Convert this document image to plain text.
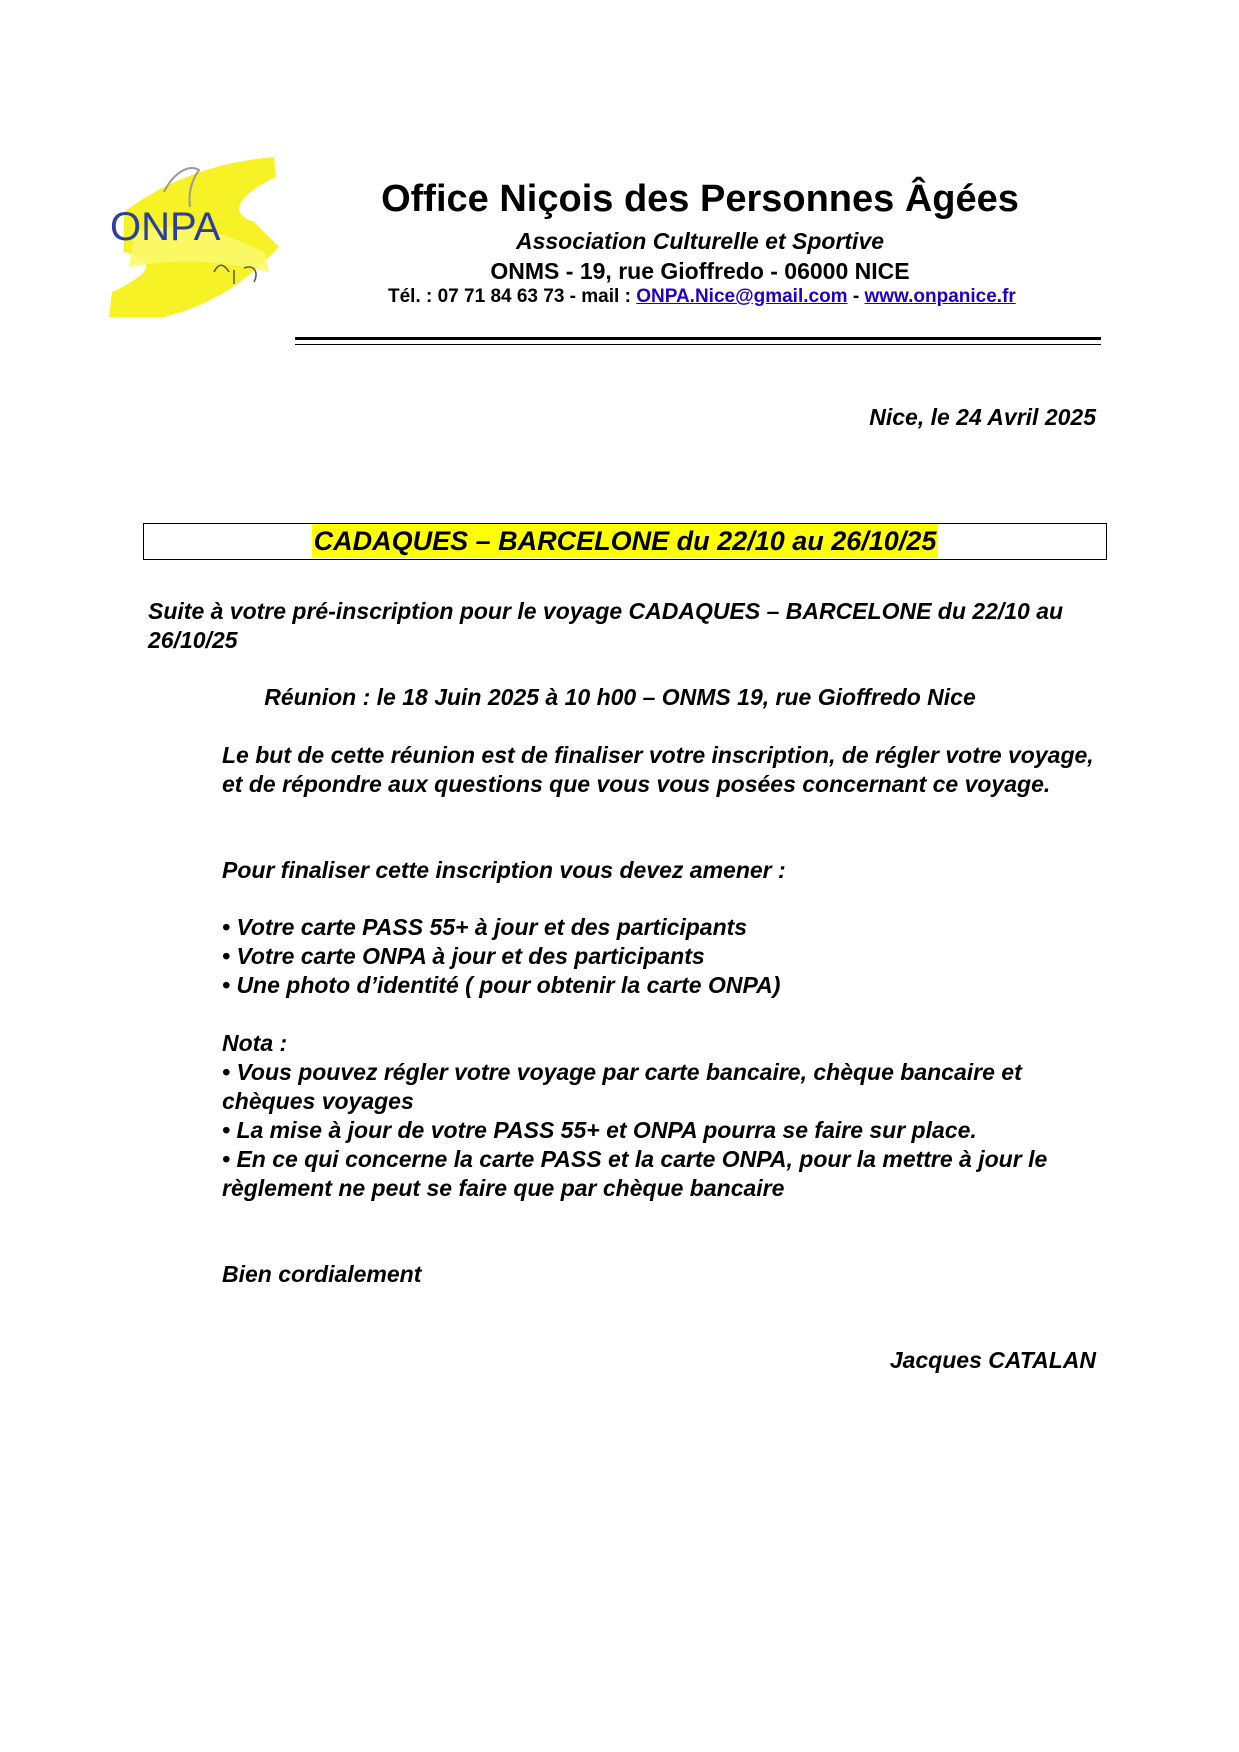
ONPA
Office Niçois des Personnes Âgées
Association Culturelle et Sportive
ONMS - 19, rue Gioffredo - 06000 NICE
Tél. : 07 71 84 63 73 - mail : ONPA.Nice@gmail.com - www.onpanice.fr
Nice, le 24 Avril 2025
CADAQUES – BARCELONE du 22/10 au 26/10/25
Suite à votre pré-inscription pour le voyage CADAQUES – BARCELONE du 22/10 au 26/10/25
Réunion : le 18 Juin 2025 à 10 h00 – ONMS 19, rue Gioffredo Nice
Le but de cette réunion est de finaliser votre inscription, de régler votre voyage, et de répondre aux questions que vous vous posées concernant ce voyage.
Pour finaliser cette inscription vous devez amener :
• Votre carte PASS 55+ à jour et des participants
• Votre carte ONPA à jour et des participants
• Une photo d’identité ( pour obtenir la carte ONPA)
Nota :
• Vous pouvez régler votre voyage par carte bancaire, chèque bancaire et chèques voyages
• La mise à jour de votre PASS 55+ et ONPA pourra se faire sur place.
• En ce qui concerne la carte PASS et la carte ONPA, pour la mettre à jour le règlement ne peut se faire que par chèque bancaire
Bien cordialement
Jacques CATALAN
